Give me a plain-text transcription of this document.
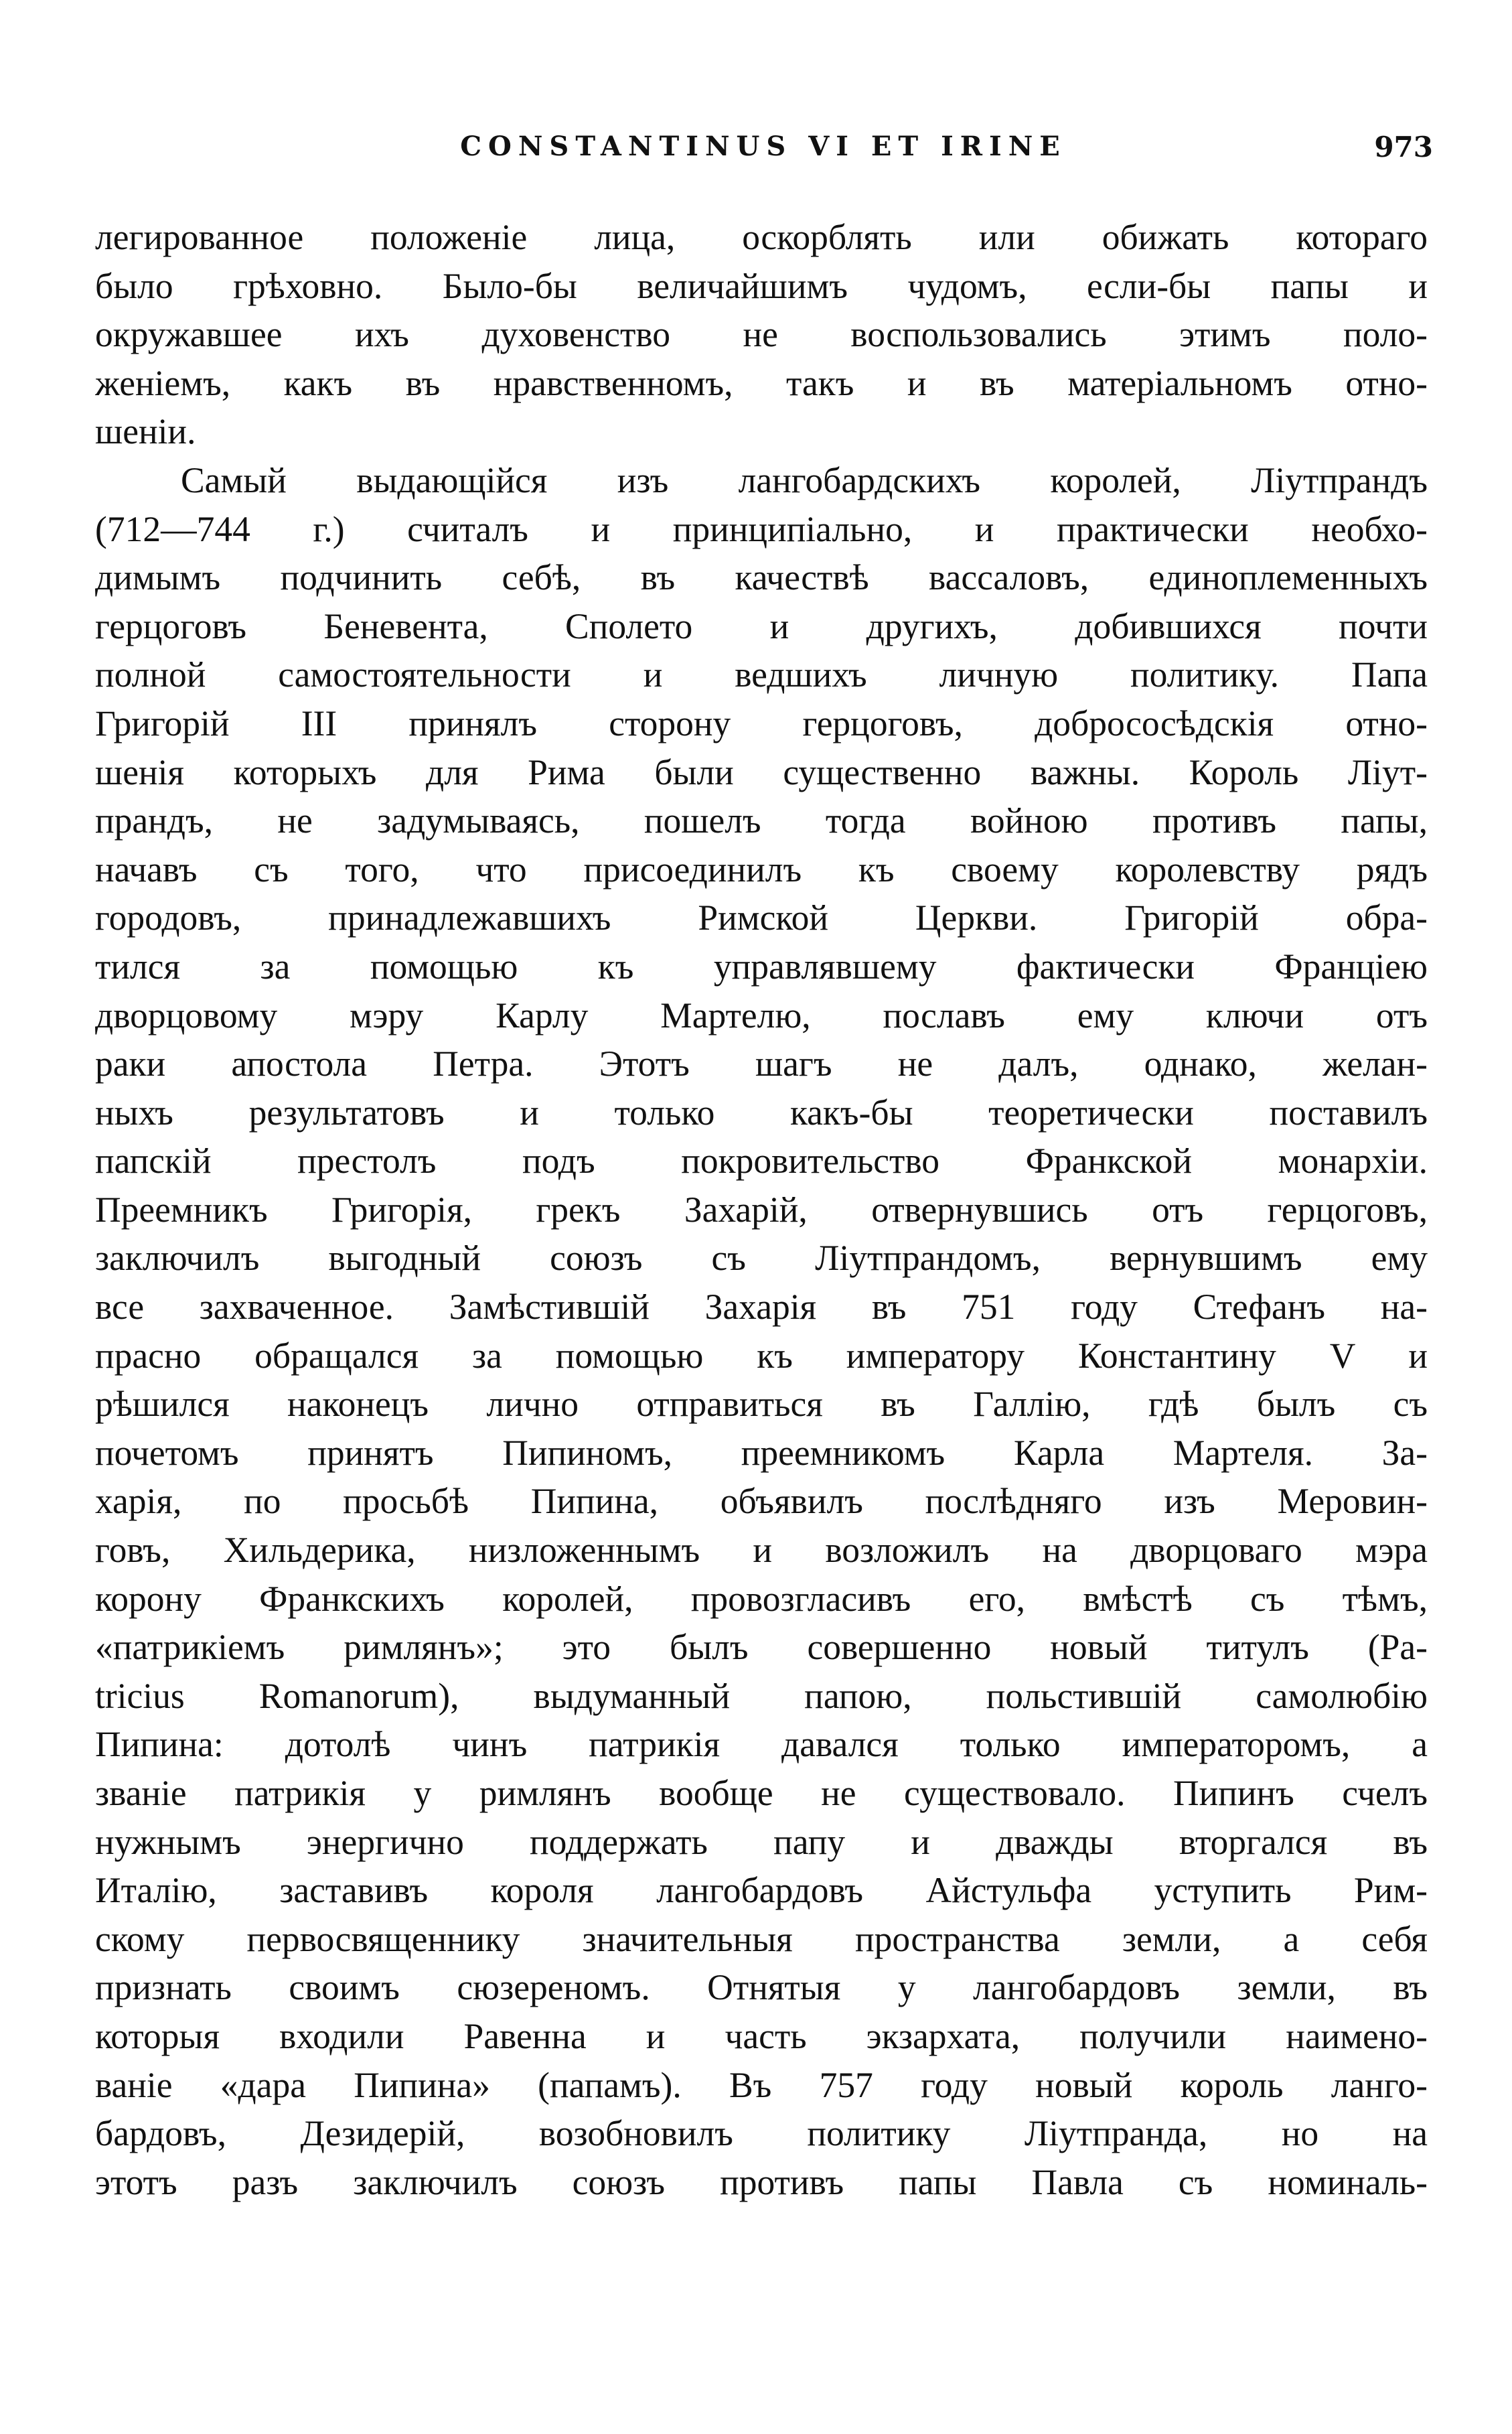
CONSTANTINUS VI ET IRINE	973
легированное положеніе лица, оскорблять или обижать котораго
было грѣховно. Было-бы величайшимъ чудомъ, если-бы папы и
окружавшее ихъ духовенство не воспользовались этимъ поло-
женіемъ, какъ въ нравственномъ, такъ и въ матеріальномъ отно-
шеніи.
Самый выдающійся изъ лангобардскихъ королей, Ліутпрандъ
(712—744 г.) считалъ и принципіально, и практически необхо-
димымъ подчинить себѣ, въ качествѣ вассаловъ, единоплеменныхъ
герцоговъ Беневента, Сполето и другихъ, добившихся почти
полной самостоятельности и ведшихъ личную политику. Папа
Григорій III принялъ сторону герцоговъ, добрососѣдскія отно-
шенія которыхъ для Рима были существенно важны. Король Ліут-
прандъ, не задумываясь, пошелъ тогда войною противъ папы,
начавъ съ того, что присоединилъ къ своему королевству рядъ
городовъ, принадлежавшихъ Римской Церкви. Григорій обра-
тился за помощью къ управлявшему фактически Франціею
дворцовому мэру Карлу Мартелю, пославъ ему ключи отъ
раки апостола Петра. Этотъ шагъ не далъ, однако, желан-
ныхъ результатовъ и только какъ-бы теоретически поставилъ
папскій престолъ подъ покровительство Франкской монархіи.
Преемникъ Григорія, грекъ Захарій, отвернувшись отъ герцоговъ,
заключилъ выгодный союзъ съ Ліутпрандомъ, вернувшимъ ему
все захваченное. Замѣстившій Захарія въ 751 году Стефанъ на-
прасно обращался за помощью къ императору Константину V и
рѣшился наконецъ лично отправиться въ Галлію, гдѣ былъ съ
почетомъ принятъ Пипиномъ, преемникомъ Карла Мартеля. За-
харія, по просьбѣ Пипина, объявилъ послѣдняго изъ Меровин-
говъ, Хильдерика, низложеннымъ и возложилъ на дворцоваго мэра
корону Франкскихъ королей, провозгласивъ его, вмѣстѣ съ тѣмъ,
«патрикіемъ римлянъ»; это былъ совершенно новый титулъ (Pa-
tricius Romanorum), выдуманный папою, польстившій самолюбію
Пипина: дотолѣ чинъ патрикія давался только императоромъ, а
званіе патрикія у римлянъ вообще не существовало. Пипинъ счелъ
нужнымъ энергично поддержать папу и дважды вторгался въ
Италію, заставивъ короля лангобардовъ Айстульфа уступить Рим-
скому первосвященнику значительныя пространства земли, а себя
признать своимъ сюзереномъ. Отнятыя у лангобардовъ земли, въ
которыя входили Равенна и часть экзархата, получили наимено-
ваніе «дара Пипина» (папамъ). Въ 757 году новый король ланго-
бардовъ, Дезидерій, возобновилъ политику Ліутпранда, но на
этотъ разъ заключилъ союзъ противъ папы Павла съ номиналь-
